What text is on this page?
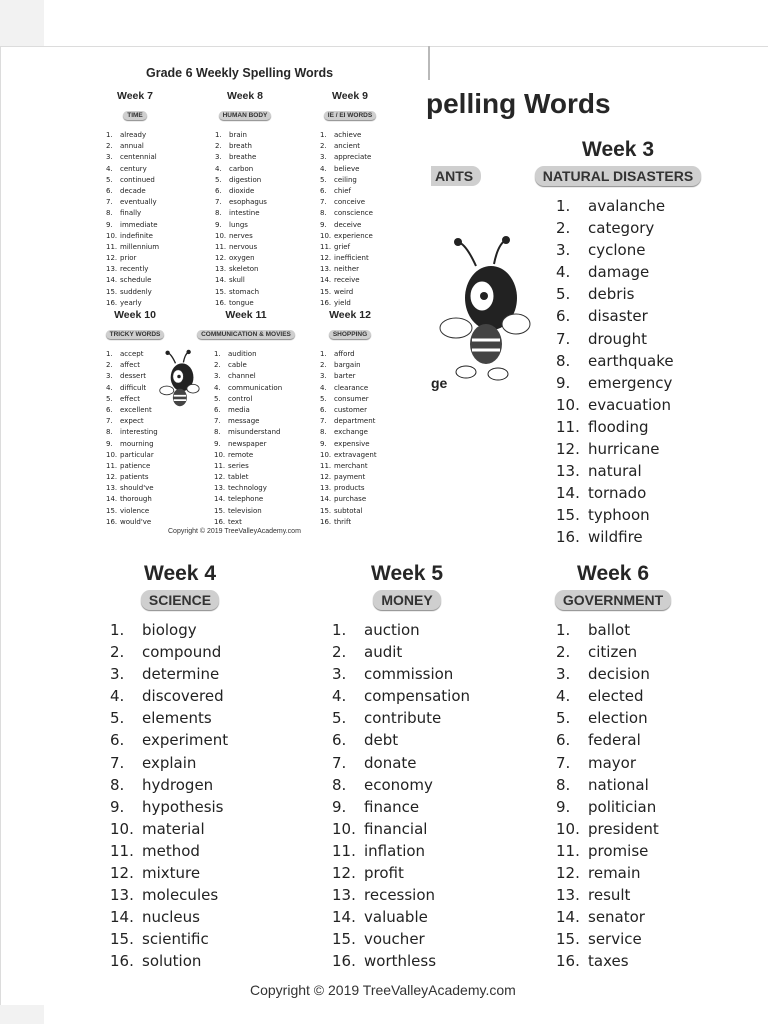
pelling Words
ANTS
ge
Week 3
NATURAL DISASTERS
1. avalanche
2. category
3. cyclone
4. damage
5. debris
6. disaster
7. drought
8. earthquake
9. emergency
10. evacuation
11. flooding
12. hurricane
13. natural
14. tornado
15. typhoon
16. wildfire
Grade 6 Weekly Spelling Words
Week 7
TIME
1. already
2. annual
3. centennial
4. century
5. continued
6. decade
7. eventually
8. finally
9. immediate
10. indefinite
11. millennium
12. prior
13. recently
14. schedule
15. suddenly
16. yearly
Week 8
HUMAN BODY
1. brain
2. breath
3. breathe
4. carbon
5. digestion
6. dioxide
7. esophagus
8. intestine
9. lungs
10. nerves
11. nervous
12. oxygen
13. skeleton
14. skull
15. stomach
16. tongue
Week 9
IE / EI WORDS
1. achieve
2. ancient
3. appreciate
4. believe
5. ceiling
6. chief
7. conceive
8. conscience
9. deceive
10. experience
11. grief
12. inefficient
13. neither
14. receive
15. weird
16. yield
Week 10
TRICKY WORDS
1. accept
2. affect
3. dessert
4. difficult
5. effect
6. excellent
7. expect
8. interesting
9. mourning
10. particular
11. patience
12. patients
13. should've
14. thorough
15. violence
16. would've
Week 11
COMMUNICATION & MOVIES
1. audition
2. cable
3. channel
4. communication
5. control
6. media
7. message
8. misunderstand
9. newspaper
10. remote
11. series
12. tablet
13. technology
14. telephone
15. television
16. text
Week 12
SHOPPING
1. afford
2. bargain
3. barter
4. clearance
5. consumer
6. customer
7. department
8. exchange
9. expensive
10. extravagent
11. merchant
12. payment
13. products
14. purchase
15. subtotal
16. thrift
Copyright © 2019 TreeValleyAcademy.com
Week 4
SCIENCE
1. biology
2. compound
3. determine
4. discovered
5. elements
6. experiment
7. explain
8. hydrogen
9. hypothesis
10. material
11. method
12. mixture
13. molecules
14. nucleus
15. scientific
16. solution
Week 5
MONEY
1. auction
2. audit
3. commission
4. compensation
5. contribute
6. debt
7. donate
8. economy
9. finance
10. financial
11. inflation
12. profit
13. recession
14. valuable
15. voucher
16. worthless
Week 6
GOVERNMENT
1. ballot
2. citizen
3. decision
4. elected
5. election
6. federal
7. mayor
8. national
9. politician
10. president
11. promise
12. remain
13. result
14. senator
15. service
16. taxes
Copyright © 2019 TreeValleyAcademy.com
